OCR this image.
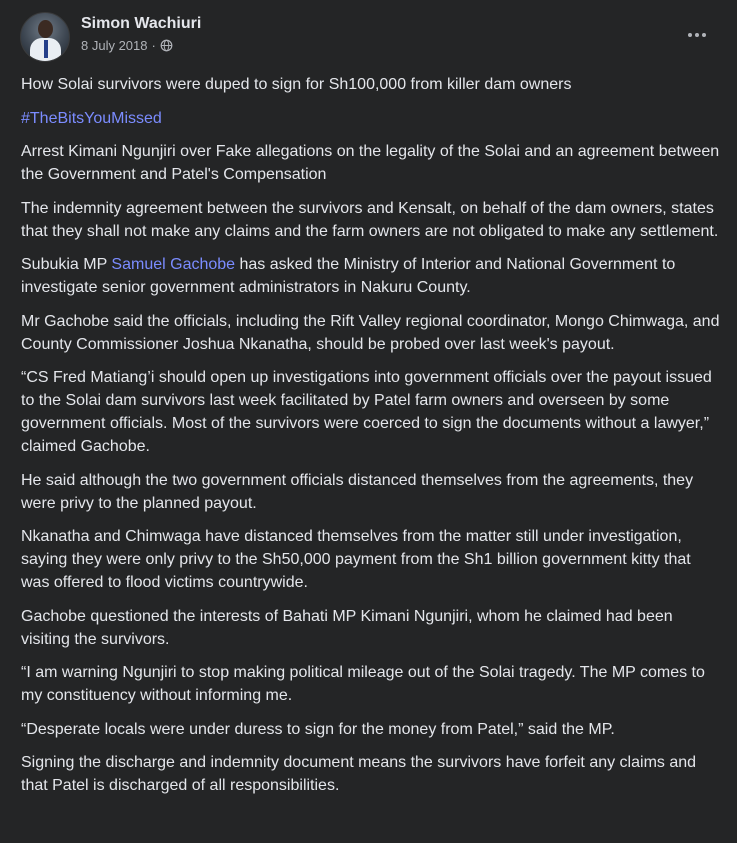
Simon Wachiuri
8 July 2018 ·

How Solai survivors were duped to sign for Sh100,000 from killer dam owners

#TheBitsYouMissed

Arrest Kimani Ngunjiri over Fake allegations on the legality of the Solai and an agreement between the Government and Patel's Compensation

The indemnity agreement between the survivors and Kensalt, on behalf of the dam owners, states that they shall not make any claims and the farm owners are not obligated to make any settlement.

Subukia MP Samuel Gachobe has asked the Ministry of Interior and National Government to investigate senior government administrators in Nakuru County.

Mr Gachobe said the officials, including the Rift Valley regional coordinator, Mongo Chimwaga, and County Commissioner Joshua Nkanatha, should be probed over last week's payout.

“CS Fred Matiang’i should open up investigations into government officials over the payout issued to the Solai dam survivors last week facilitated by Patel farm owners and overseen by some government officials. Most of the survivors were coerced to sign the documents without a lawyer,” claimed Gachobe.

He said although the two government officials distanced themselves from the agreements, they were privy to the planned payout.

Nkanatha and Chimwaga have distanced themselves from the matter still under investigation, saying they were only privy to the Sh50,000 payment from the Sh1 billion government kitty that was offered to flood victims countrywide.

Gachobe questioned the interests of Bahati MP Kimani Ngunjiri, whom he claimed had been visiting the survivors.

“I am warning Ngunjiri to stop making political mileage out of the Solai tragedy. The MP comes to my constituency without informing me.

“Desperate locals were under duress to sign for the money from Patel,” said the MP.

Signing the discharge and indemnity document means the survivors have forfeit any claims and that Patel is discharged of all responsibilities.
